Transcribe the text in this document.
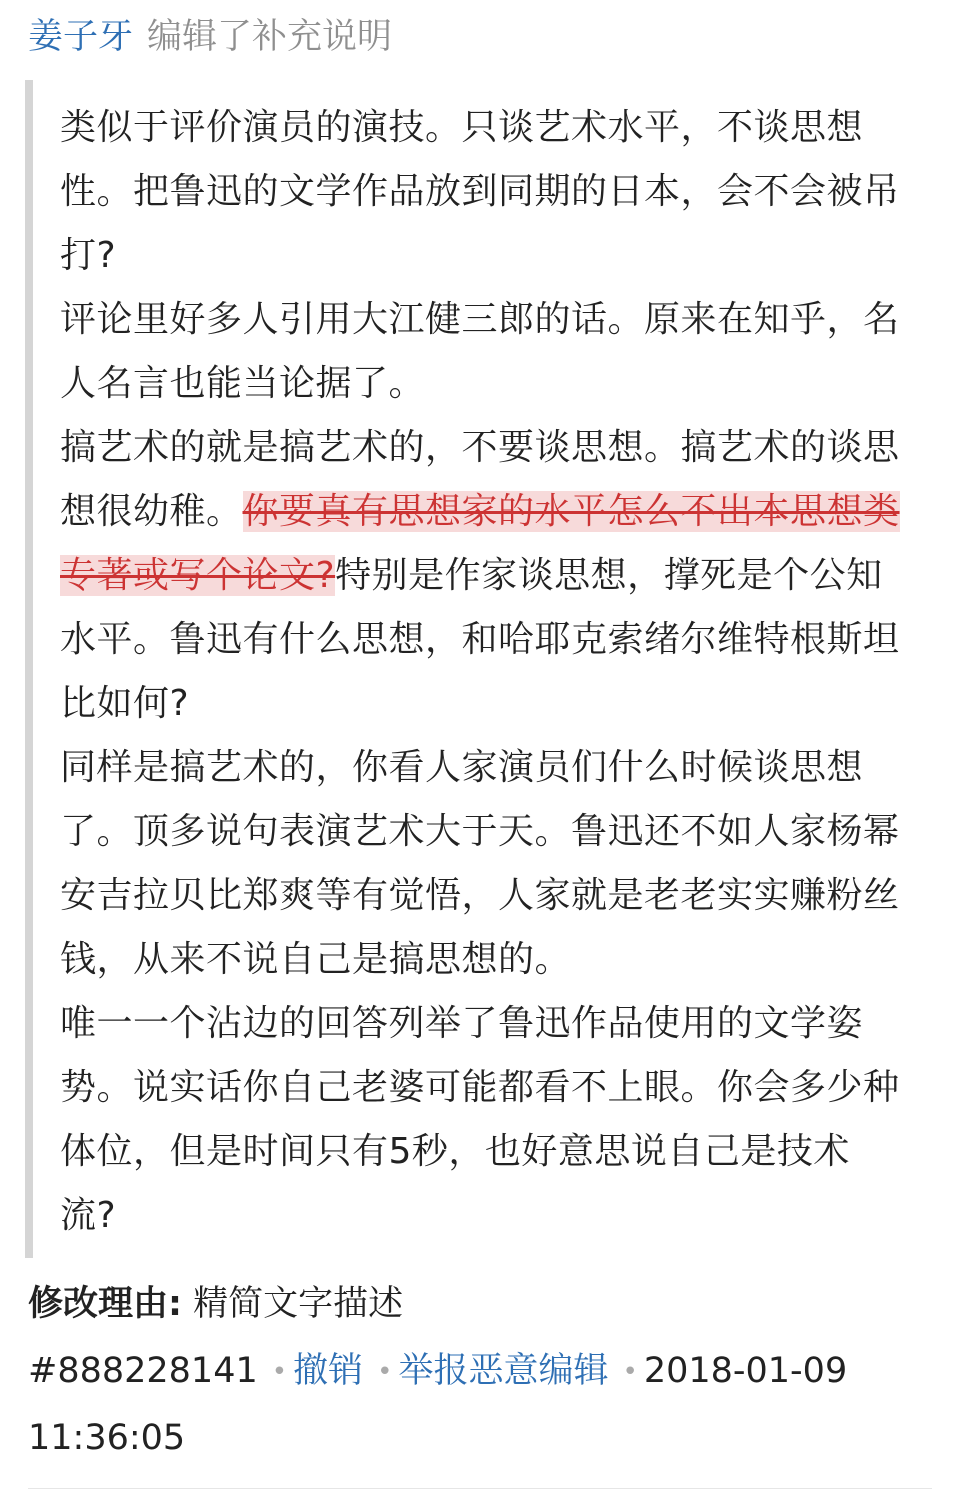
姜子牙 编辑了补充说明

类似于评价演员的演技。只谈艺术水平，不谈思想性。把鲁迅的文学作品放到同期的日本，会不会被吊打?

评论里好多人引用大江健三郎的话。原来在知乎，名人名言也能当论据了。

搞艺术的就是搞艺术的，不要谈思想。搞艺术的谈思想很幼稚。你要真有思想家的水平怎么不出本思想类专著或写个论文?特别是作家谈思想，撑死是个公知水平。鲁迅有什么思想，和哈耶克索绪尔维特根斯坦比如何?

同样是搞艺术的，你看人家演员们什么时候谈思想了。顶多说句表演艺术大于天。鲁迅还不如人家杨幂安吉拉贝比郑爽等有觉悟，人家就是老老实实赚粉丝钱，从来不说自己是搞思想的。

唯一一个沾边的回答列举了鲁迅作品使用的文学姿势。说实话你自己老婆可能都看不上眼。你会多少种体位，但是时间只有5秒，也好意思说自己是技术流?

修改理由: 精简文字描述
#888228141 • 撤销 • 举报恶意编辑 • 2018-01-09
11:36:05
